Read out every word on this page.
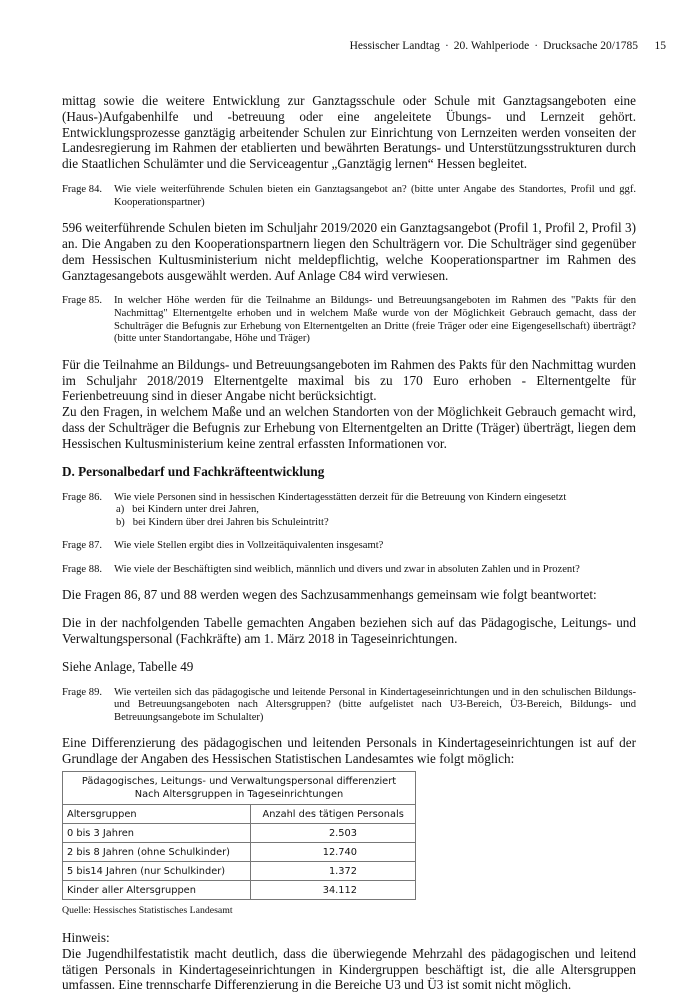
Hessischer Landtag · 20. Wahlperiode · Drucksache 20/1785 15

mittag sowie die weitere Entwicklung zur Ganztagsschule oder Schule mit Ganztagsangeboten eine (Haus-)Aufgabenhilfe und -betreuung oder eine angeleitete Übungs- und Lernzeit gehört. Entwicklungsprozesse ganztägig arbeitender Schulen zur Einrichtung von Lernzeiten werden vonseiten der Landesregierung im Rahmen der etablierten und bewährten Beratungs- und Unterstützungsstrukturen durch die Staatlichen Schulämter und die Serviceagentur „Ganztägig lernen“ Hessen begleitet.

Frage 84.	Wie viele weiterführende Schulen bieten ein Ganztagsangebot an? (bitte unter Angabe des Standortes, Profil und ggf. Kooperationspartner)

596 weiterführende Schulen bieten im Schuljahr 2019/2020 ein Ganztagsangebot (Profil 1, Profil 2, Profil 3) an. Die Angaben zu den Kooperationspartnern liegen den Schulträgern vor. Die Schulträger sind gegenüber dem Hessischen Kultusministerium nicht meldepflichtig, welche Kooperationspartner im Rahmen des Ganztagesangebots ausgewählt werden. Auf Anlage C84 wird verwiesen.

Frage 85.	In welcher Höhe werden für die Teilnahme an Bildungs- und Betreuungsangeboten im Rahmen des "Pakts für den Nachmittag" Elternentgelte erhoben und in welchem Maße wurde von der Möglichkeit Gebrauch gemacht, dass der Schulträger die Befugnis zur Erhebung von Elternentgelten an Dritte (freie Träger oder eine Eigengesellschaft) überträgt? (bitte unter Standortangabe, Höhe und Träger)

Für die Teilnahme an Bildungs- und Betreuungsangeboten im Rahmen des Pakts für den Nachmittag wurden im Schuljahr 2018/2019 Elternentgelte maximal bis zu 170 Euro erhoben - Elternentgelte für Ferienbetreuung sind in dieser Angabe nicht berücksichtigt.

Zu den Fragen, in welchem Maße und an welchen Standorten von der Möglichkeit Gebrauch gemacht wird, dass der Schulträger die Befugnis zur Erhebung von Elternentgelten an Dritte (Träger) überträgt, liegen dem Hessischen Kultusministerium keine zentral erfassten Informationen vor.

D. Personalbedarf und Fachkräfteentwicklung
Frage 86.	Wie viele Personen sind in hessischen Kindertagesstätten derzeit für die Betreuung von Kindern eingesetzt
a)   bei Kindern unter drei Jahren,
b)   bei Kindern über drei Jahren bis Schuleintritt?
Frage 87.	Wie viele Stellen ergibt dies in Vollzeitäquivalenten insgesamt?
Frage 88.	Wie viele der Beschäftigten sind weiblich, männlich und divers und zwar in absoluten Zahlen und in Prozent?

Die Fragen 86, 87 und 88 werden wegen des Sachzusammenhangs gemeinsam wie folgt beantwortet:

Die in der nachfolgenden Tabelle gemachten Angaben beziehen sich auf das Pädagogische, Leitungs- und Verwaltungspersonal (Fachkräfte) am 1. März 2018 in Tageseinrichtungen.

Siehe Anlage, Tabelle 49

Frage 89.	Wie verteilen sich das pädagogische und leitende Personal in Kindertageseinrichtungen und in den schulischen Bildungs- und Betreuungsangeboten nach Altersgruppen? (bitte aufgelistet nach U3-Bereich, Ü3-Bereich, Bildungs- und Betreuungsangebote im Schulalter)

Eine Differenzierung des pädagogischen und leitenden Personals in Kindertageseinrichtungen ist auf der Grundlage der Angaben des Hessischen Statistischen Landesamtes wie folgt möglich:

Pädagogisches, Leitungs- und Verwaltungspersonal differenziert
Nach Altersgruppen in Tageseinrichtungen	

Altersgruppen	Anzahl des tätigen Personals
0 bis 3 Jahren	2.503
2 bis 8 Jahren (ohne Schulkinder)	12.740
5 bis14 Jahren (nur Schulkinder)	1.372
Kinder aller Altersgruppen	34.112
Quelle: Hessisches Statistisches Landesamt

Hinweis:

Die Jugendhilfestatistik macht deutlich, dass die überwiegende Mehrzahl des pädagogischen und leitend tätigen Personals in Kindertageseinrichtungen in Kindergruppen beschäftigt ist, die alle Altersgruppen umfassen. Eine trennscharfe Differenzierung in die Bereiche U3 und Ü3 ist somit nicht möglich.
